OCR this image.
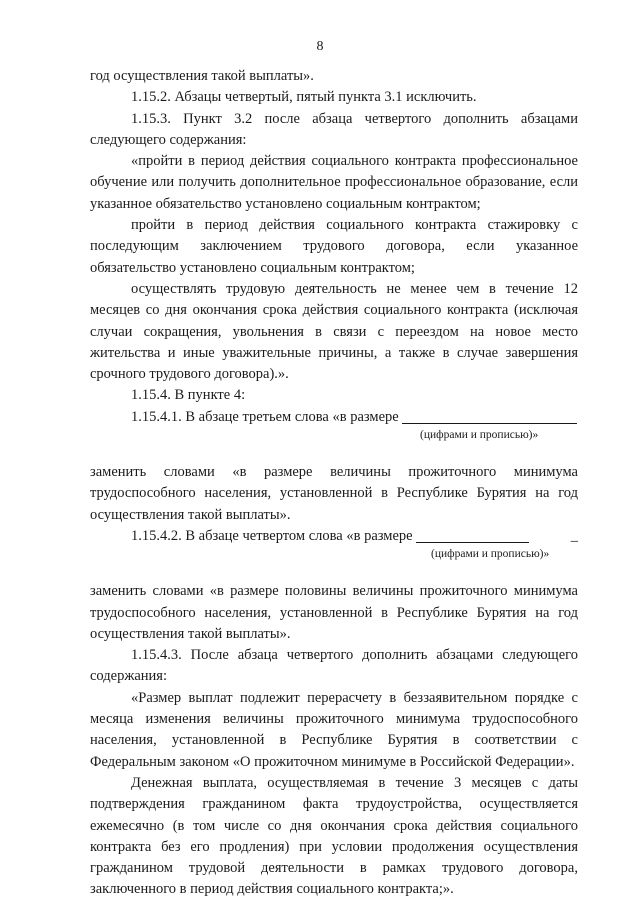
8

год осуществления такой выплаты».

1.15.2. Абзацы четвертый, пятый пункта 3.1 исключить.

1.15.3. Пункт 3.2 после абзаца четвертого дополнить абзацами следующего содержания:

«пройти в период действия социального контракта профессиональное обучение или получить дополнительное профессиональное образование, если указанное обязательство установлено социальным контрактом;

пройти в период действия социального контракта стажировку с последующим заключением трудового договора, если указанное обязательство установлено социальным контрактом;

осуществлять трудовую деятельность не менее чем в течение 12 месяцев со дня окончания срока действия социального контракта (исключая случаи сокращения, увольнения в связи с переездом на новое место жительства и иные уважительные причины, а также в случае завершения срочного трудового договора).».

1.15.4. В пункте 4:

1.15.4.1. В абзаце третьем слова «в размере

(цифрами и прописью)»

заменить словами «в размере величины прожиточного минимума трудоспособного населения, установленной в Республике Бурятия на год осуществления такой выплаты».

1.15.4.2. В абзаце четвертом слова «в размере	_

(цифрами и прописью)»

заменить словами «в размере половины величины прожиточного минимума трудоспособного населения, установленной в Республике Бурятия на год осуществления такой выплаты».

1.15.4.3. После абзаца четвертого дополнить абзацами следующего содержания:

«Размер выплат подлежит перерасчету в беззаявительном порядке с месяца изменения величины прожиточного минимума трудоспособного населения, установленной в Республике Бурятия в соответствии с Федеральным законом «О прожиточном минимуме в Российской Федерации».

Денежная выплата, осуществляемая в течение 3 месяцев с даты подтверждения гражданином факта трудоустройства, осуществляется ежемесячно (в том числе со дня окончания срока действия социального контракта без его продления) при условии продолжения осуществления гражданином трудовой деятельности в рамках трудового договора, заключенного в период действия социального контракта;».
